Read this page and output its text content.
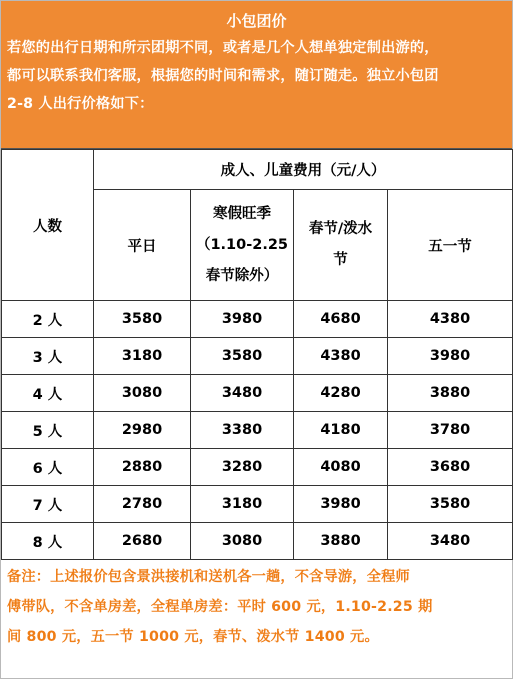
小包团价
若您的出行日期和所示团期不同，或者是几个人想单独定制出游的，
都可以联系我们客服，根据您的时间和需求，随订随走。独立小包团
2-8 人出行价格如下：
人数	成人、儿童费用（元/人）			
	平日	寒假旺季
（1.10-2.25
春节除外）	春节/泼水
节	五一节
2 人	3580	3980	4680	4380
3 人	3180	3580	4380	3980
4 人	3080	3480	4280	3880
5 人	2980	3380	4180	3780
6 人	2880	3280	4080	3680
7 人	2780	3180	3980	3580
8 人	2680	3080	3880	3480
备注：上述报价包含景洪接机和送机各一趟，不含导游，全程师
傅带队，不含单房差，全程单房差：平时 600 元，1.10-2.25 期
间 800 元，五一节 1000 元，春节、泼水节 1400 元。
